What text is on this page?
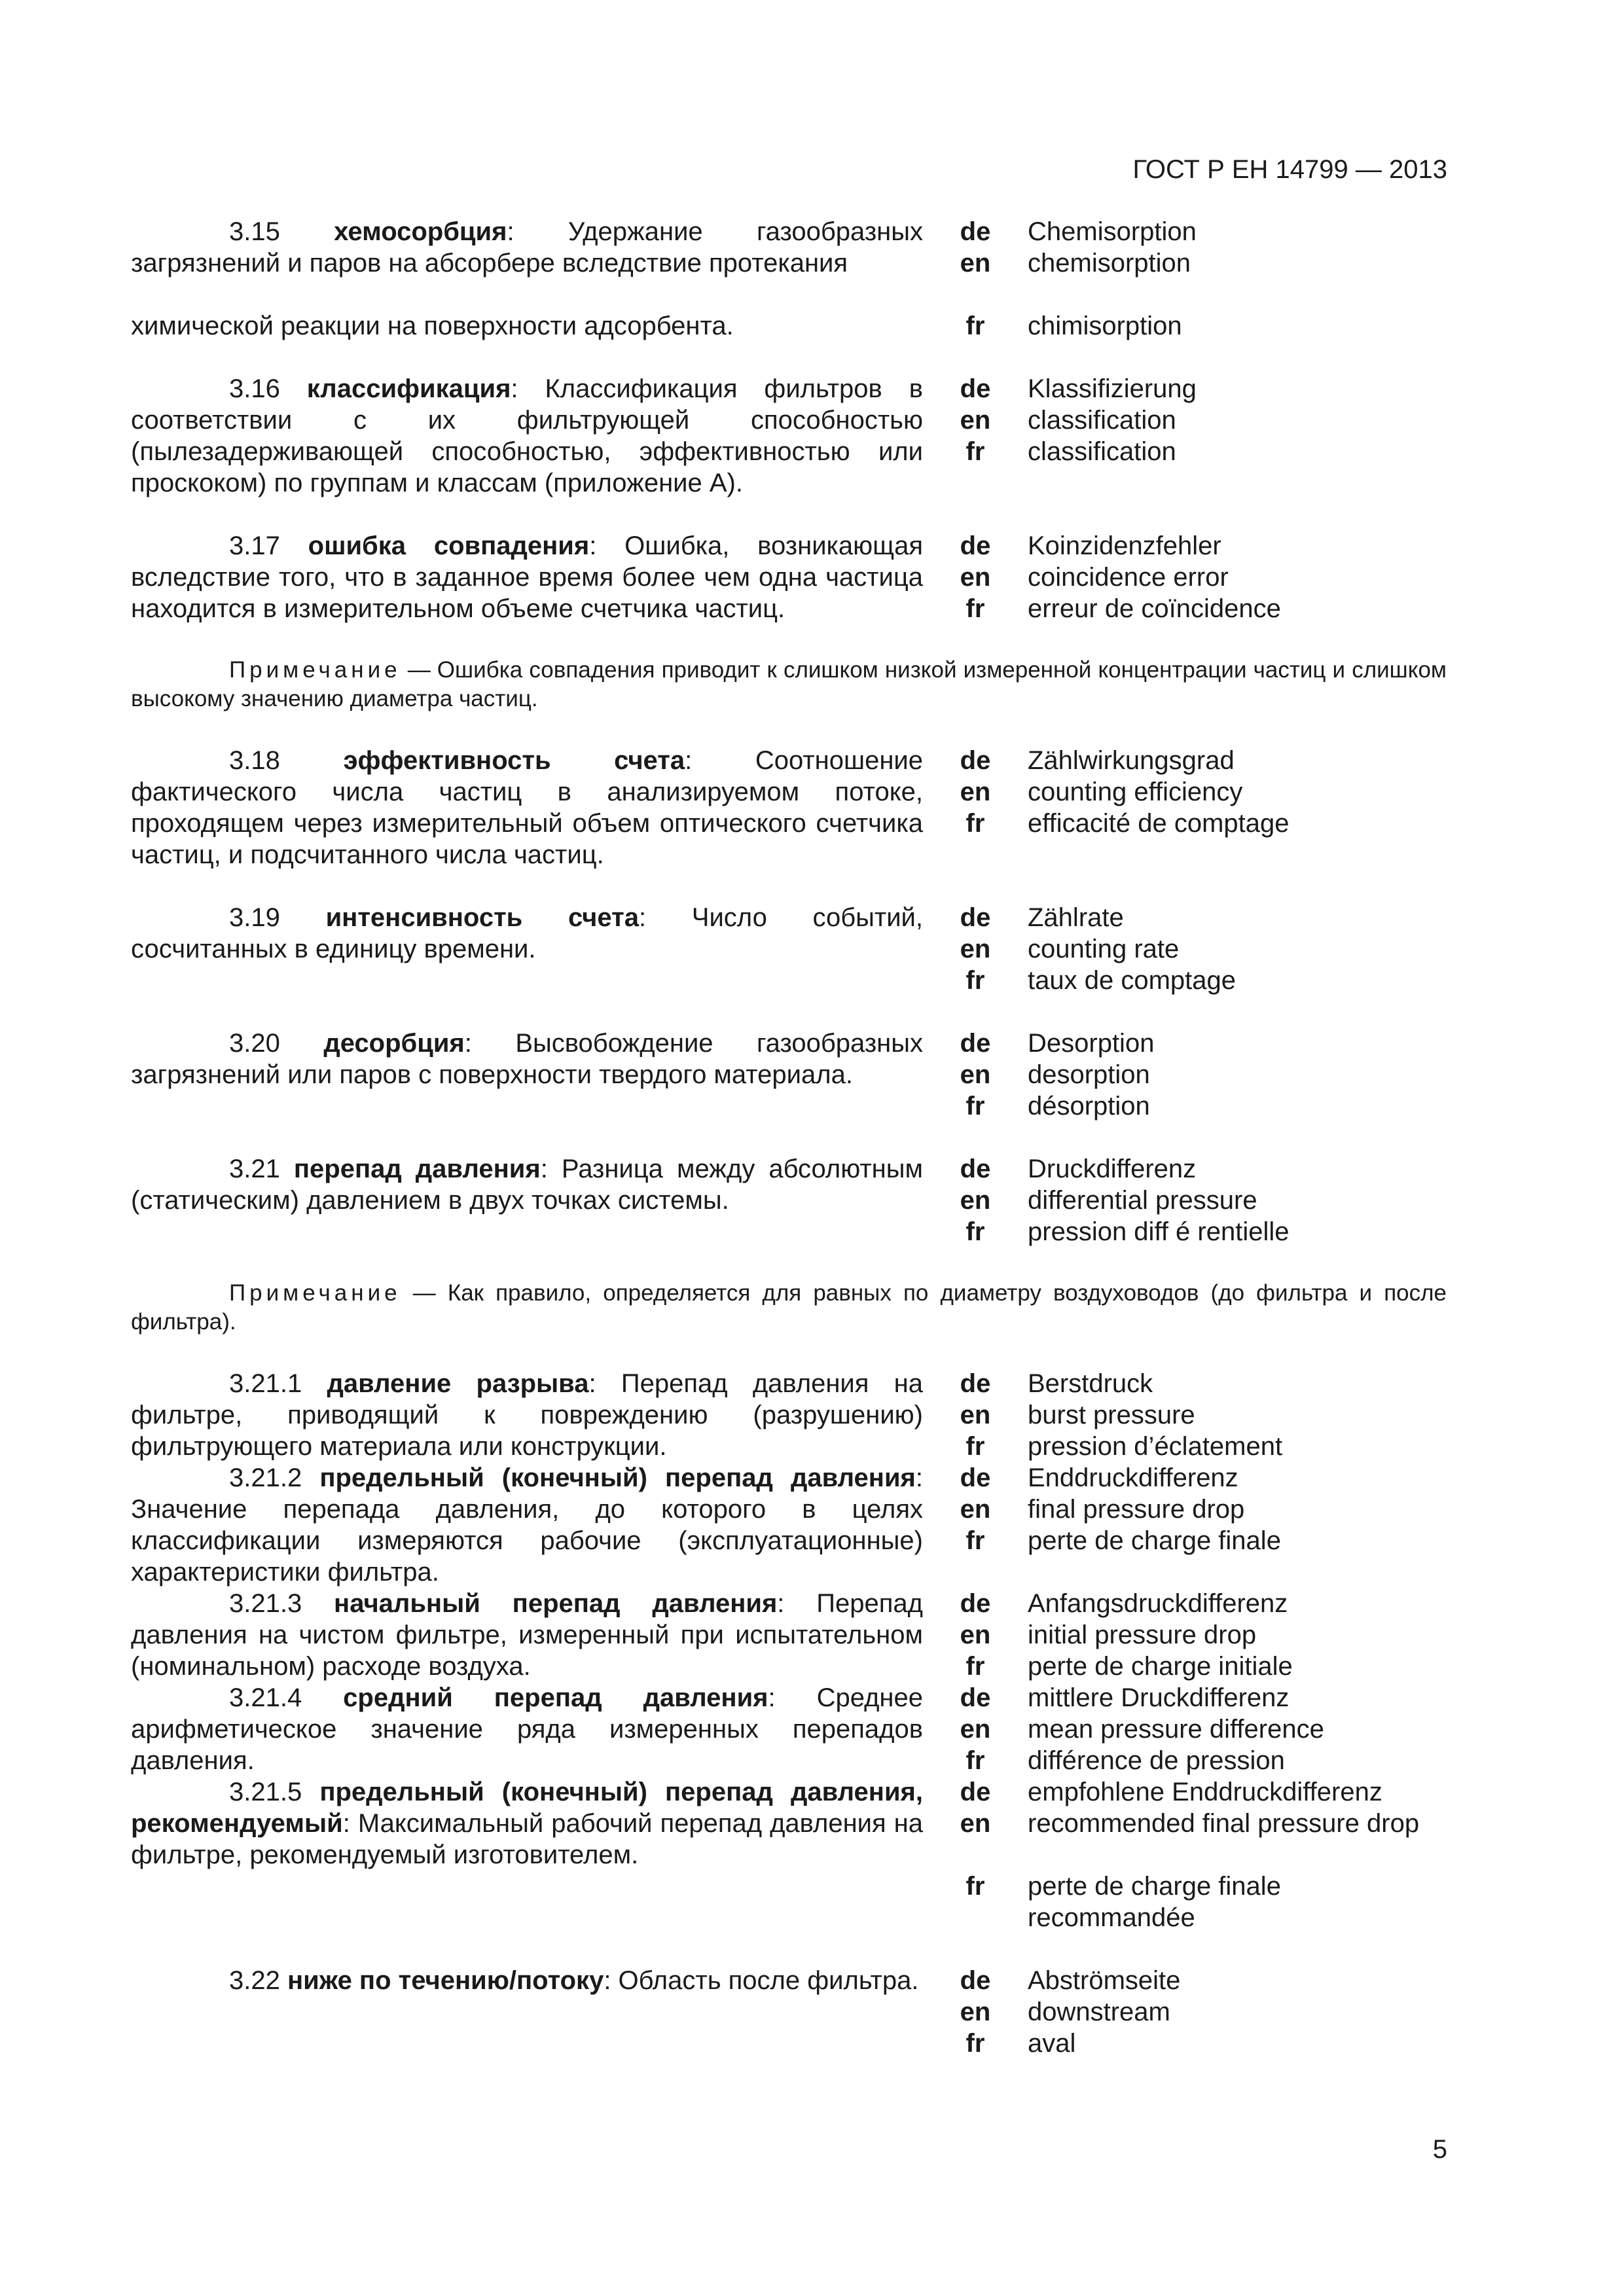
ГОСТ Р ЕН 14799 — 2013

3.15 хемосорбция: Удержание газообразных загрязнений и паров на абсорбере вследствие протекания

химической реакции на поверхности адсорбента.
de
en
fr
Chemisorption
chemisorption
chimisorption

3.16 классификация: Классификация фильтров в соответствии с их фильтрующей способностью (пылезадерживающей способностью, эффективностью или проскоком) по группам и классам (приложение А).

de
en
fr
Klassifizierung
classification
classification

3.17 ошибка совпадения: Ошибка, возникающая вследствие того, что в заданное время более чем одна частица находится в измерительном объеме счетчика частиц.

de
en
fr
Koinzidenzfehler
coincidence error
erreur de coïncidence
Примечание — Ошибка совпадения приводит к слишком низкой измеренной концентрации частиц и слишком высокому значению диаметра частиц.

3.18 эффективность счета: Соотношение фактического числа частиц в анализируемом потоке, проходящем через измерительный объем оптического счетчика частиц, и подсчитанного числа частиц.

de
en
fr
Zählwirkungsgrad
counting efficiency
efficacité de comptage

3.19 интенсивность счета: Число событий, сосчитанных в единицу времени.

de
en
fr
Zählrate
counting rate
taux de comptage

3.20 десорбция: Высвобождение газообразных загрязнений или паров с поверхности твердого материала.

de
en
fr
Desorption
desorption
désorption

3.21 перепад давления: Разница между абсолютным (статическим) давлением в двух точках системы.

de
en
fr
Druckdifferenz
differential pressure
pression diff é rentielle
Примечание — Как правило, определяется для равных по диаметру воздуховодов (до фильтра и после фильтра).

3.21.1 давление разрыва: Перепад давления на фильтре, приводящий к повреждению (разрушению) фильтрующего материала или конструкции.

de
en
fr
Berstdruck
burst pressure
pression d’éclatement

3.21.2 предельный (конечный) перепад давления: Значение перепада давления, до которого в целях классификации измеряются рабочие (эксплуатационные) характеристики фильтра.

de
en
fr
Enddruckdifferenz
final pressure drop
perte de charge finale

3.21.3 начальный перепад давления: Перепад давления на чистом фильтре, измеренный при испытательном (номинальном) расходе воздуха.

de
en
fr
Anfangsdruckdifferenz
initial pressure drop
perte de charge initiale

3.21.4 средний перепад давления: Среднее арифметическое значение ряда измеренных перепадов давления.

de
en
fr
mittlere Druckdifferenz
mean pressure difference
différence de pression

3.21.5 предельный (конечный) перепад давления, рекомендуемый: Максимальный рабочий перепад давления на фильтре, рекомендуемый изготовителем.

de
en
fr
empfohlene Enddruckdifferenz
recommended final pressure drop
perte de charge finale recommandée

3.22 ниже по течению/потоку: Область после фильтра.	de
en
fr
Abströmseite
downstream
aval
5
